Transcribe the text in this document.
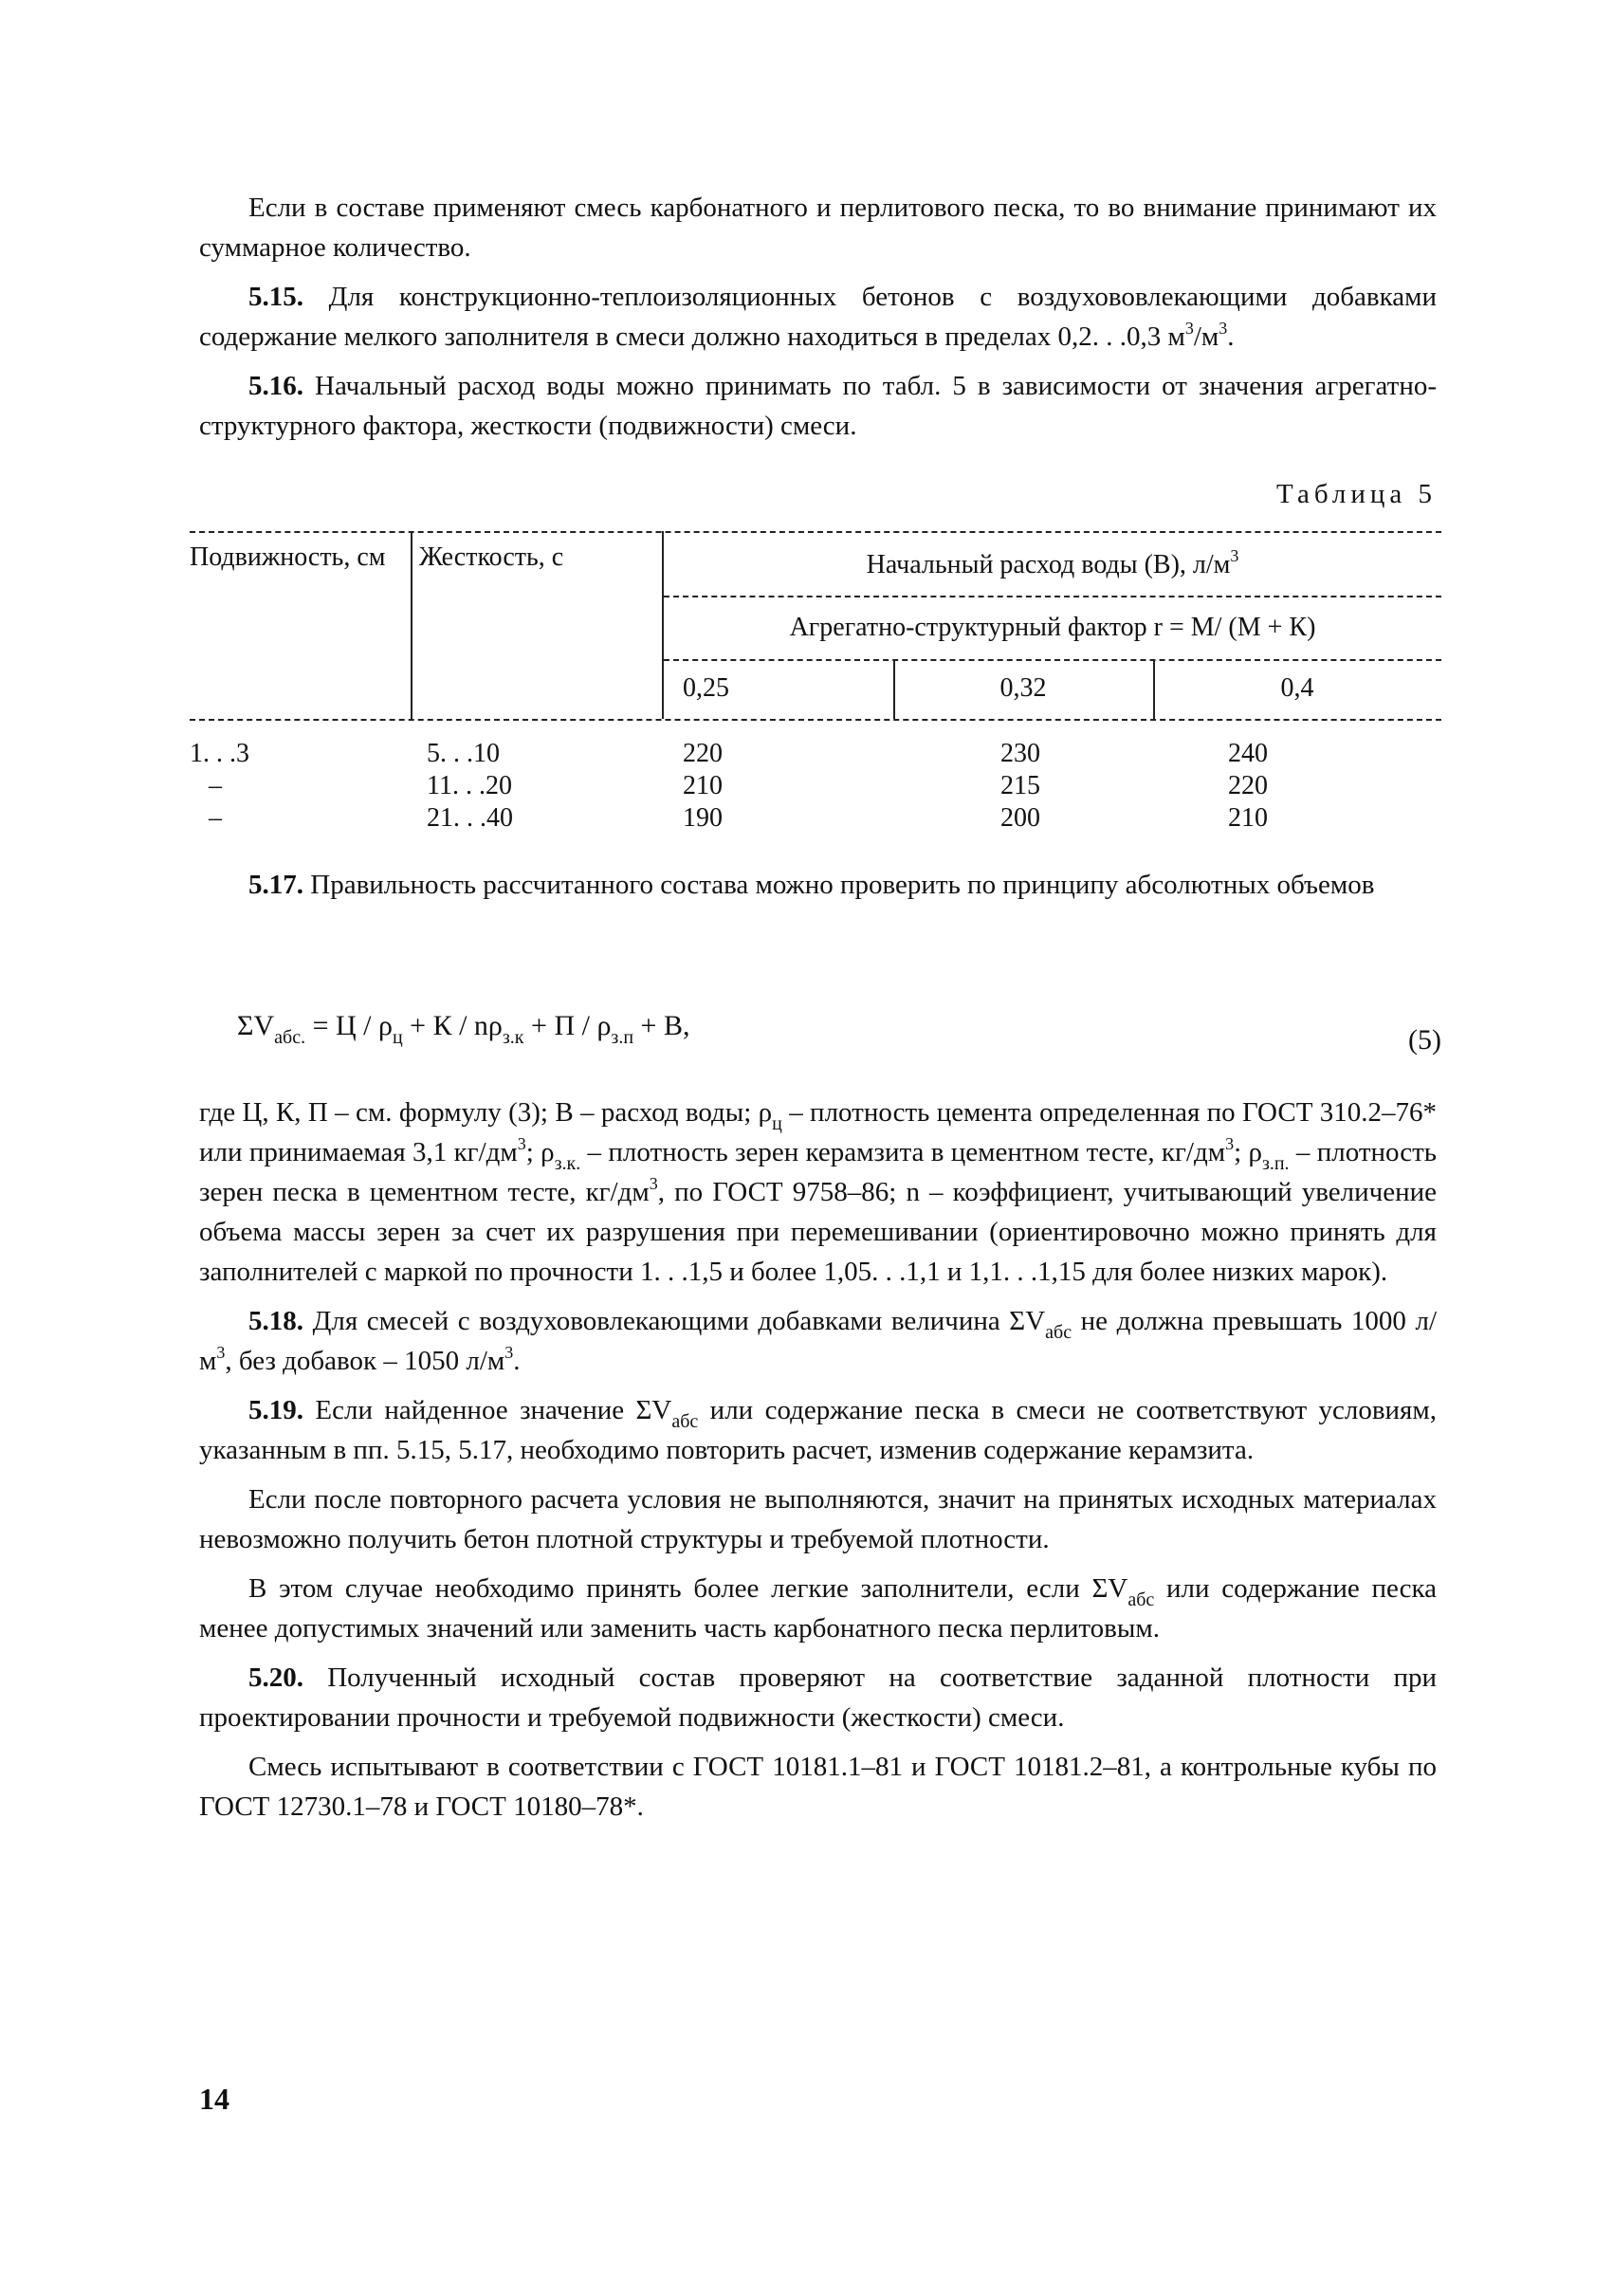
Если в составе применяют смесь карбонатного и перлитового песка, то во внимание принимают их суммарное количество.

5.15. Для конструкционно-теплоизоляционных бетонов с воздухововлекающими добавками содержание мелкого заполнителя в смеси должно находиться в пределах 0,2. . .0,3 $м^3/м^3$.

5.16. Начальный расход воды можно принимать по табл. 5 в зависимости от значения агрегатно-структурного фактора, жесткости (подвижности) смеси.

Таблица 5
Подвижность, см	Жесткость, с	Начальный расход воды (В), $л/м^3$
Агрегатно-структурный фактор r = М/ (М + К)
0,25	0,32	0,4
1. . .3	5. . .10	220	230	240
–	11. . .20	210	215	220
–	21. . .40	190	200	210

5.17. Правильность рассчитанного состава можно проверить по принципу абсолютных объемов

$\Sigma V_{абс.} = Ц / \rho_ц + К / n\rho_{з.к} + П / \rho_{з.п} + В$,	(5)

где Ц, К, П – см. формулу (3); В – расход воды; $\rho_ц$ – плотность цемента определенная по ГОСТ 310.2–76* или принимаемая 3,1 $кг/дм^3$; $\rho_{з.к.}$ – плотность зерен керамзита в цементном тесте, $кг/дм^3$; $\rho_{з.п.}$ – плотность зерен песка в цементном тесте, $кг/дм^3$, по ГОСТ 9758–86; n – коэффициент, учитывающий увеличение объема массы зерен за счет их разрушения при перемешивании (ориентировочно можно принять для заполнителей с маркой по прочности 1. . .1,5 и более 1,05. . .1,1 и 1,1. . .1,15 для более низких марок).

5.18. Для смесей с воздухововлекающими добавками величина $\Sigma V_{абс}$ не должна превышать 1000 $л/м^3$, без добавок – 1050 $л/м^3$.

5.19. Если найденное значение $\Sigma V_{абс}$ или содержание песка в смеси не соответствуют условиям, указанным в пп. 5.15, 5.17, необходимо повторить расчет, изменив содержание керамзита.

Если после повторного расчета условия не выполняются, значит на принятых исходных материалах невозможно получить бетон плотной структуры и требуемой плотности.

В этом случае необходимо принять более легкие заполнители, если $\Sigma V_{абс}$ или содержание песка менее допустимых значений или заменить часть карбонатного песка перлитовым.

5.20. Полученный исходный состав проверяют на соответствие заданной плотности при проектировании прочности и требуемой подвижности (жесткости) смеси.

Смесь испытывают в соответствии с ГОСТ 10181.1–81 и ГОСТ 10181.2–81, а контрольные кубы по ГОСТ 12730.1–78 и ГОСТ 10180–78*.

14
